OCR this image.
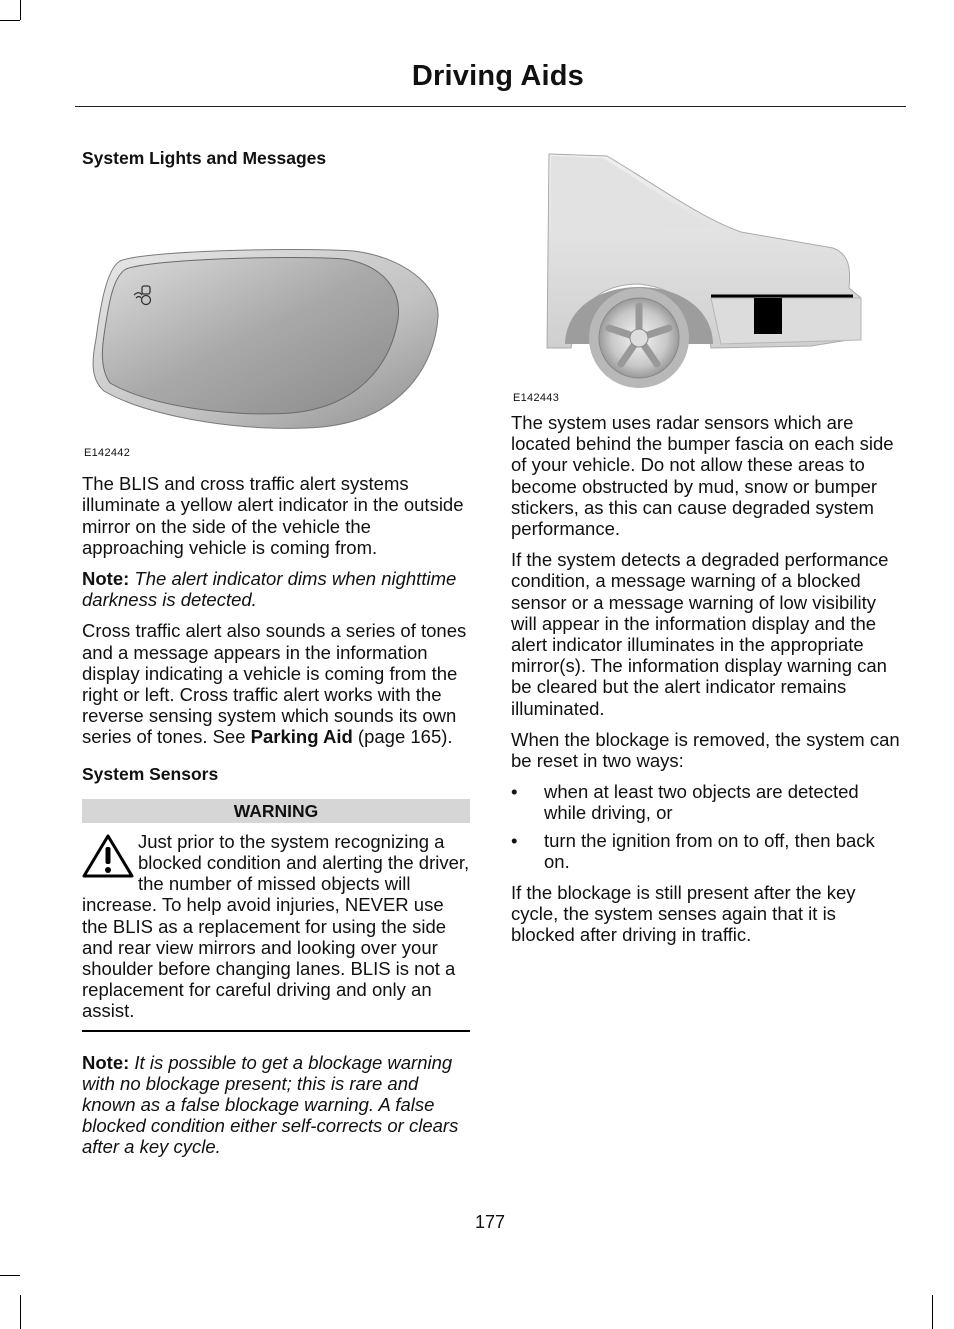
Driving Aids
System Lights and Messages
E142442

The BLIS and cross traffic alert systems illuminate a yellow alert indicator in the outside mirror on the side of the vehicle the approaching vehicle is coming from.

Note: The alert indicator dims when nighttime darkness is detected.

Cross traffic alert also sounds a series of tones and a message appears in the information display indicating a vehicle is coming from the right or left. Cross traffic alert works with the reverse sensing system which sounds its own series of tones. See Parking Aid (page 165).

System Sensors
WARNING
Just prior to the system recognizing a blocked condition and alerting the driver, the number of missed objects will increase. To help avoid injuries, NEVER use the BLIS as a replacement for using the side and rear view mirrors and looking over your shoulder before changing lanes. BLIS is not a replacement for careful driving and only an assist.

Note: It is possible to get a blockage warning with no blockage present; this is rare and known as a false blockage warning. A false blocked condition either self-corrects or clears after a key cycle.

E142443

The system uses radar sensors which are located behind the bumper fascia on each side of your vehicle. Do not allow these areas to become obstructed by mud, snow or bumper stickers, as this can cause degraded system performance.

If the system detects a degraded performance condition, a message warning of a blocked sensor or a message warning of low visibility will appear in the information display and the alert indicator illuminates in the appropriate mirror(s). The information display warning can be cleared but the alert indicator remains illuminated.

When the blockage is removed, the system can be reset in two ways:

• when at least two objects are detected while driving, or
• turn the ignition from on to off, then back on.

If the blockage is still present after the key cycle, the system senses again that it is blocked after driving in traffic.

177
